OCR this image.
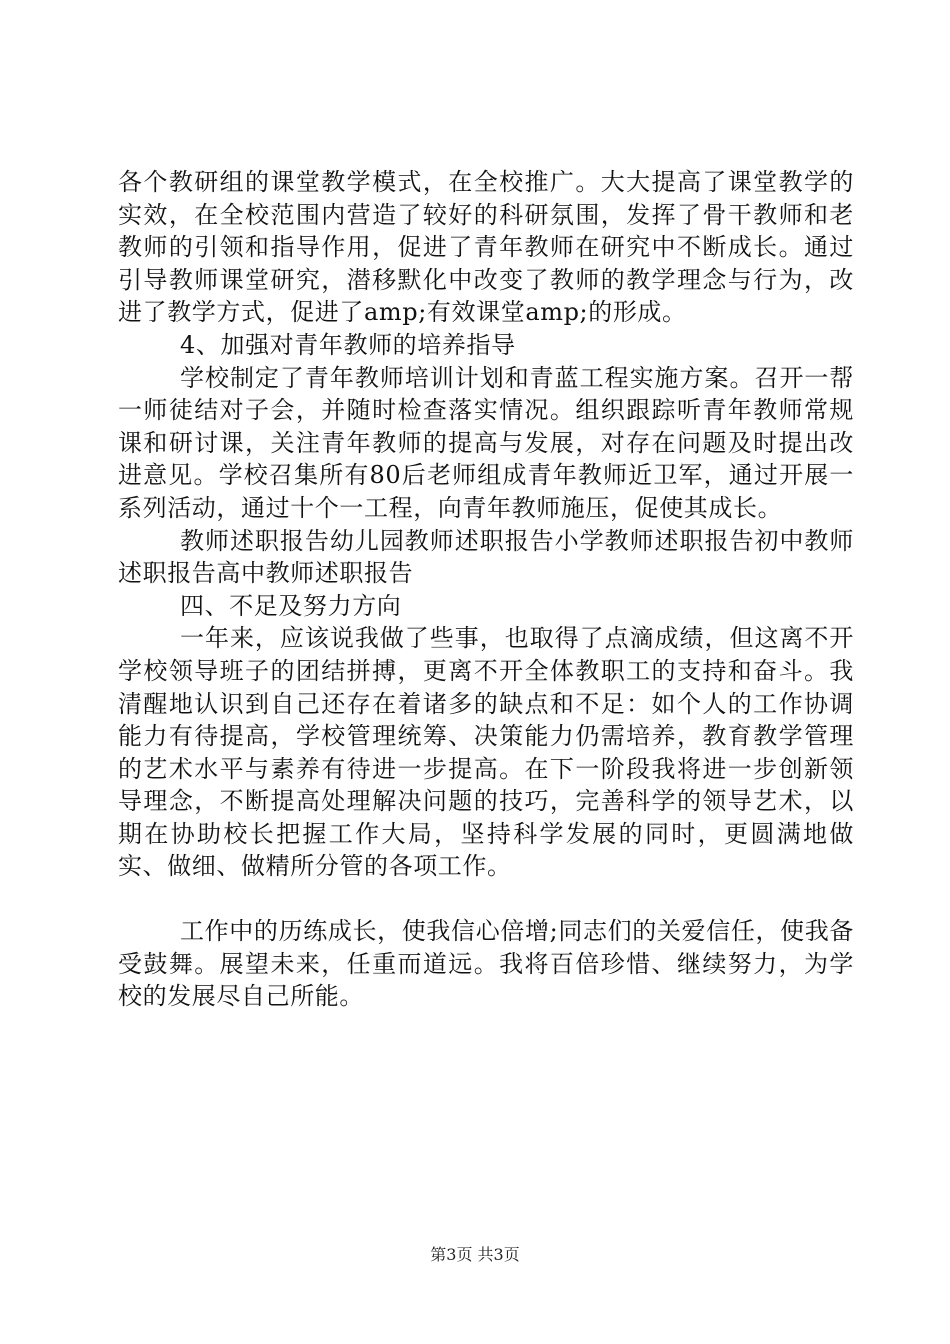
各个教研组的课堂教学模式，在全校推广。大大提高了课堂教学的实效，在全校范围内营造了较好的科研氛围，发挥了骨干教师和老教师的引领和指导作用，促进了青年教师在研究中不断成长。通过引导教师课堂研究，潜移默化中改变了教师的教学理念与行为，改进了教学方式，促进了amp;有效课堂amp;的形成。

4、加强对青年教师的培养指导

学校制定了青年教师培训计划和青蓝工程实施方案。召开一帮一师徒结对子会，并随时检查落实情况。组织跟踪听青年教师常规课和研讨课，关注青年教师的提高与发展，对存在问题及时提出改进意见。学校召集所有80后老师组成青年教师近卫军，通过开展一系列活动，通过十个一工程，向青年教师施压，促使其成长。

教师述职报告幼儿园教师述职报告小学教师述职报告初中教师述职报告高中教师述职报告

四、不足及努力方向

一年来，应该说我做了些事，也取得了点滴成绩，但这离不开学校领导班子的团结拼搏，更离不开全体教职工的支持和奋斗。我清醒地认识到自己还存在着诸多的缺点和不足：如个人的工作协调能力有待提高，学校管理统筹、决策能力仍需培养，教育教学管理的艺术水平与素养有待进一步提高。在下一阶段我将进一步创新领导理念，不断提高处理解决问题的技巧，完善科学的领导艺术，以期在协助校长把握工作大局，坚持科学发展的同时，更圆满地做实、做细、做精所分管的各项工作。

工作中的历练成长，使我信心倍增;同志们的关爱信任，使我备受鼓舞。展望未来，任重而道远。我将百倍珍惜、继续努力，为学校的发展尽自己所能。

第3页 共3页
